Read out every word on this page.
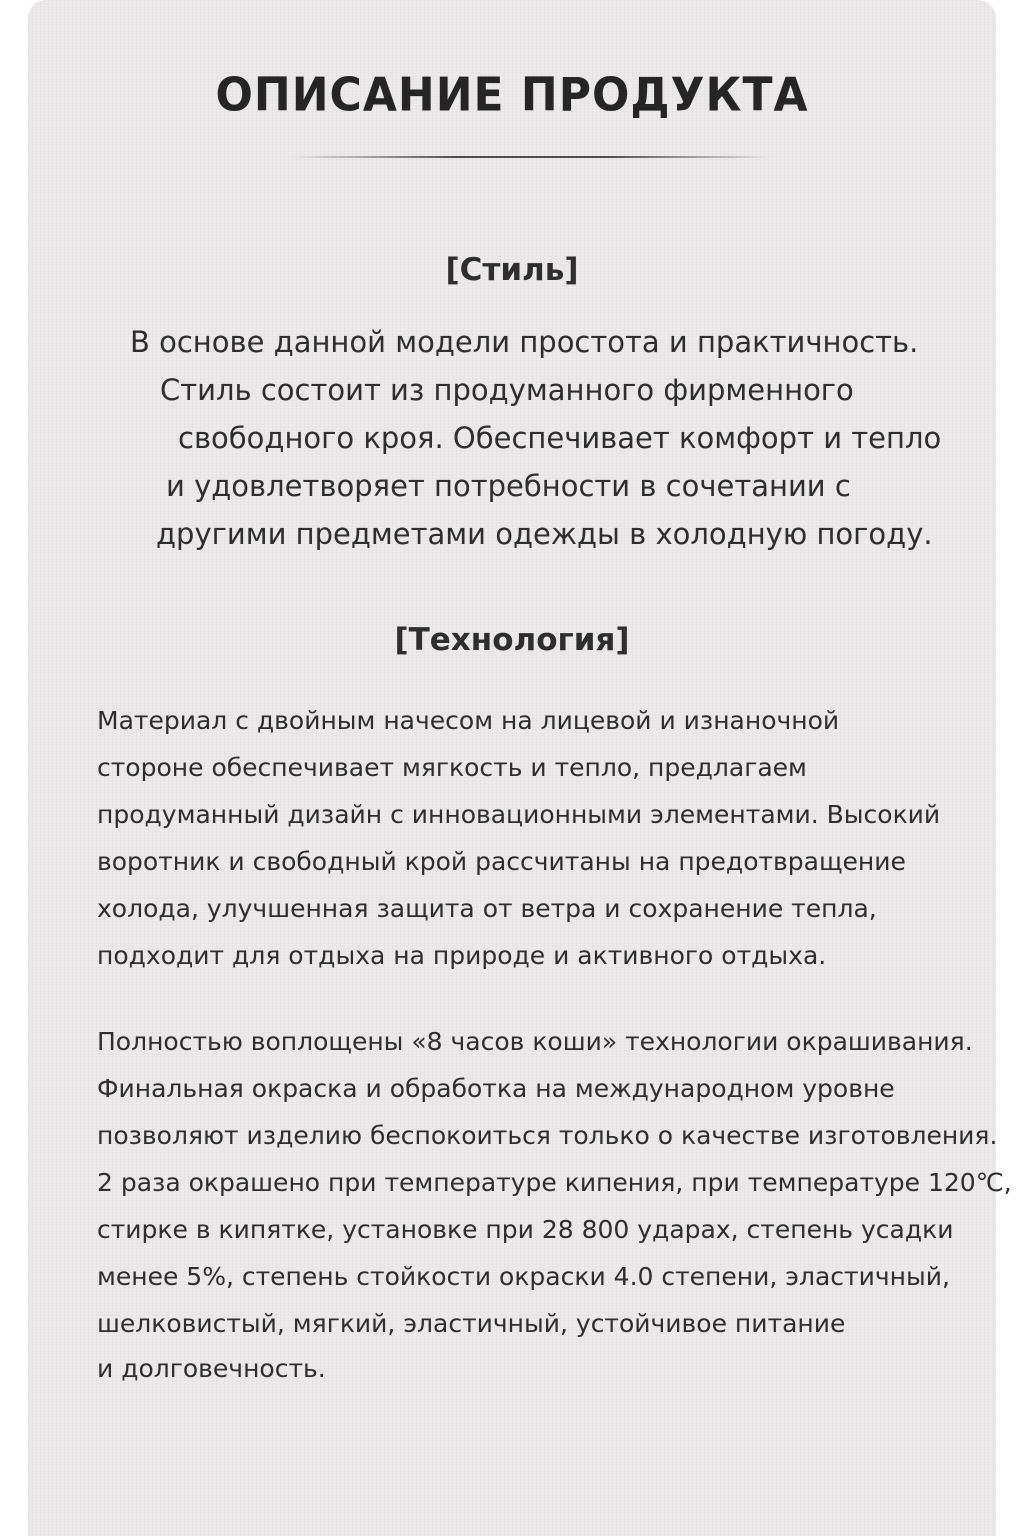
ОПИСАНИЕ ПРОДУКТА
[Стиль]

В основе данной модели простота и практичность.

Стиль состоит из продуманного фирменного

свободного кроя. Обеспечивает комфорт и тепло

и удовлетворяет потребности в сочетании с

другими предметами одежды в холодную погоду.

[Технология]

Материал с двойным начесом на лицевой и изнаночной

стороне обеспечивает мягкость и тепло, предлагаем

продуманный дизайн с инновационными элементами. Высокий

воротник и свободный крой рассчитаны на предотвращение

холода, улучшенная защита от ветра и сохранение тепла,

подходит для отдыха на природе и активного отдыха.

Полностью воплощены «8 часов коши» технологии окрашивания.

Финальная окраска и обработка на международном уровне

позволяют изделию беспокоиться только о качестве изготовления.

2 раза окрашено при температуре кипения, при температуре 120℃,

стирке в кипятке, установке при 28 800 ударах, степень усадки

менее 5%, степень стойкости окраски 4.0 степени, эластичный,

шелковистый, мягкий, эластичный, устойчивое питание

и долговечность.
